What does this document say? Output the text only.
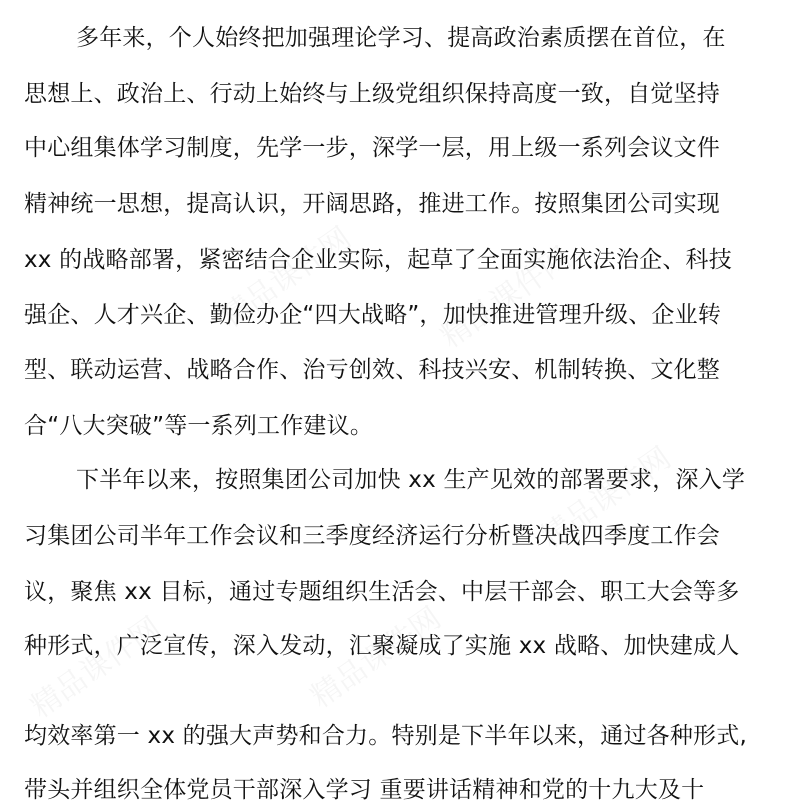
精品课件网	精品课件网
精品课件网
精品课件网	精品课件网
多年来，个人始终把加强理论学习、提高政治素质摆在首位，在
思想上、政治上、行动上始终与上级党组织保持高度一致，自觉坚持
中心组集体学习制度，先学一步，深学一层，用上级一系列会议文件
精神统一思想，提高认识，开阔思路，推进工作。按照集团公司实现
xx 的战略部署，紧密结合企业实际，起草了全面实施依法治企、科技
强企、人才兴企、勤俭办企“四大战略”，加快推进管理升级、企业转
型、联动运营、战略合作、治亏创效、科技兴安、机制转换、文化整
合“八大突破”等一系列工作建议。
下半年以来，按照集团公司加快 xx 生产见效的部署要求，深入学
习集团公司半年工作会议和三季度经济运行分析暨决战四季度工作会
议，聚焦 xx 目标，通过专题组织生活会、中层干部会、职工大会等多
种形式，广泛宣传，深入发动，汇聚凝成了实施 xx 战略、加快建成人
均效率第一 xx 的强大声势和合力。特别是下半年以来，通过各种形式,
带头并组织全体党员干部深入学习 重要讲话精神和党的十九大及十
